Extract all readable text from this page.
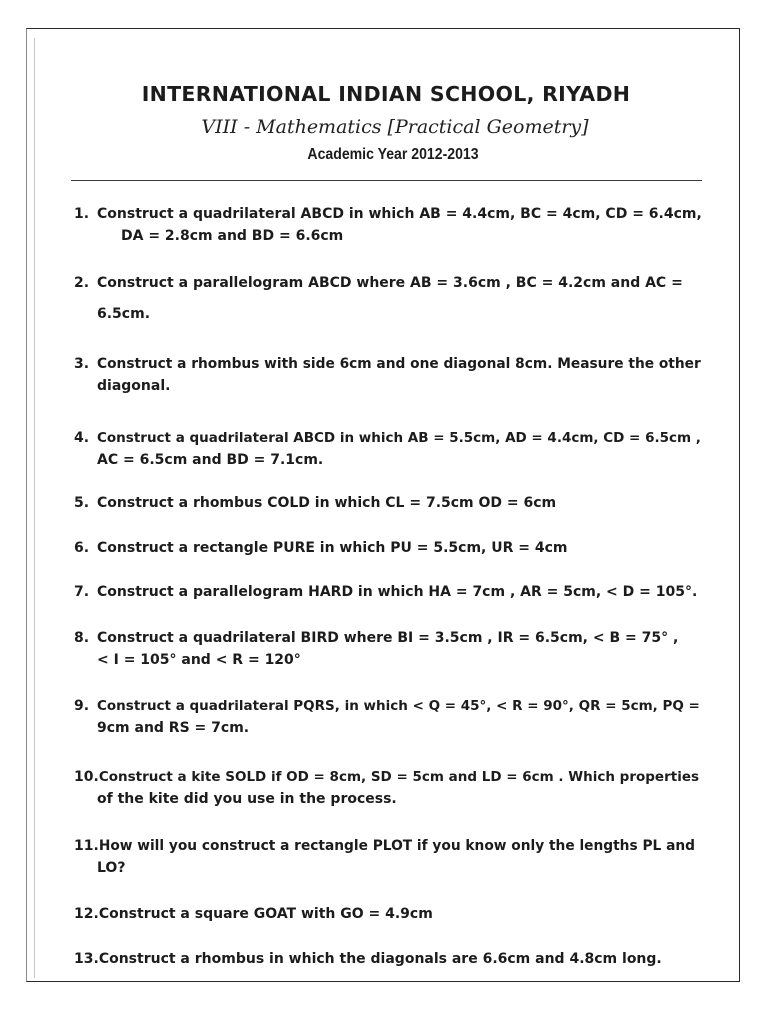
INTERNATIONAL INDIAN SCHOOL, RIYADH
VIII - Mathematics [Practical Geometry]
Academic Year 2012-2013
1. Construct a quadrilateral ABCD in which AB = 4.4cm, BC = 4cm, CD = 6.4cm,
DA = 2.8cm and BD = 6.6cm
2. Construct a parallelogram ABCD where AB = 3.6cm , BC = 4.2cm and AC =
6.5cm.
3. Construct a rhombus with side 6cm and one diagonal 8cm. Measure the other
diagonal.
4. Construct a quadrilateral ABCD in which AB = 5.5cm, AD = 4.4cm, CD = 6.5cm ,
AC = 6.5cm and BD = 7.1cm.
5. Construct a rhombus COLD in which CL = 7.5cm OD = 6cm
6. Construct a rectangle PURE in which PU = 5.5cm, UR = 4cm
7. Construct a parallelogram HARD in which HA = 7cm , AR = 5cm, < D = 105°.
8. Construct a quadrilateral BIRD where BI = 3.5cm , IR = 6.5cm, < B = 75° ,
< I = 105° and < R = 120°
9. Construct a quadrilateral PQRS, in which < Q = 45°, < R = 90°, QR = 5cm, PQ =
9cm and RS = 7cm.
10.Construct a kite SOLD if OD = 8cm, SD = 5cm and LD = 6cm . Which properties
of the kite did you use in the process.
11.How will you construct a rectangle PLOT if you know only the lengths PL and
LO?
12.Construct a square GOAT with GO = 4.9cm
13.Construct a rhombus in which the diagonals are 6.6cm and 4.8cm long.
